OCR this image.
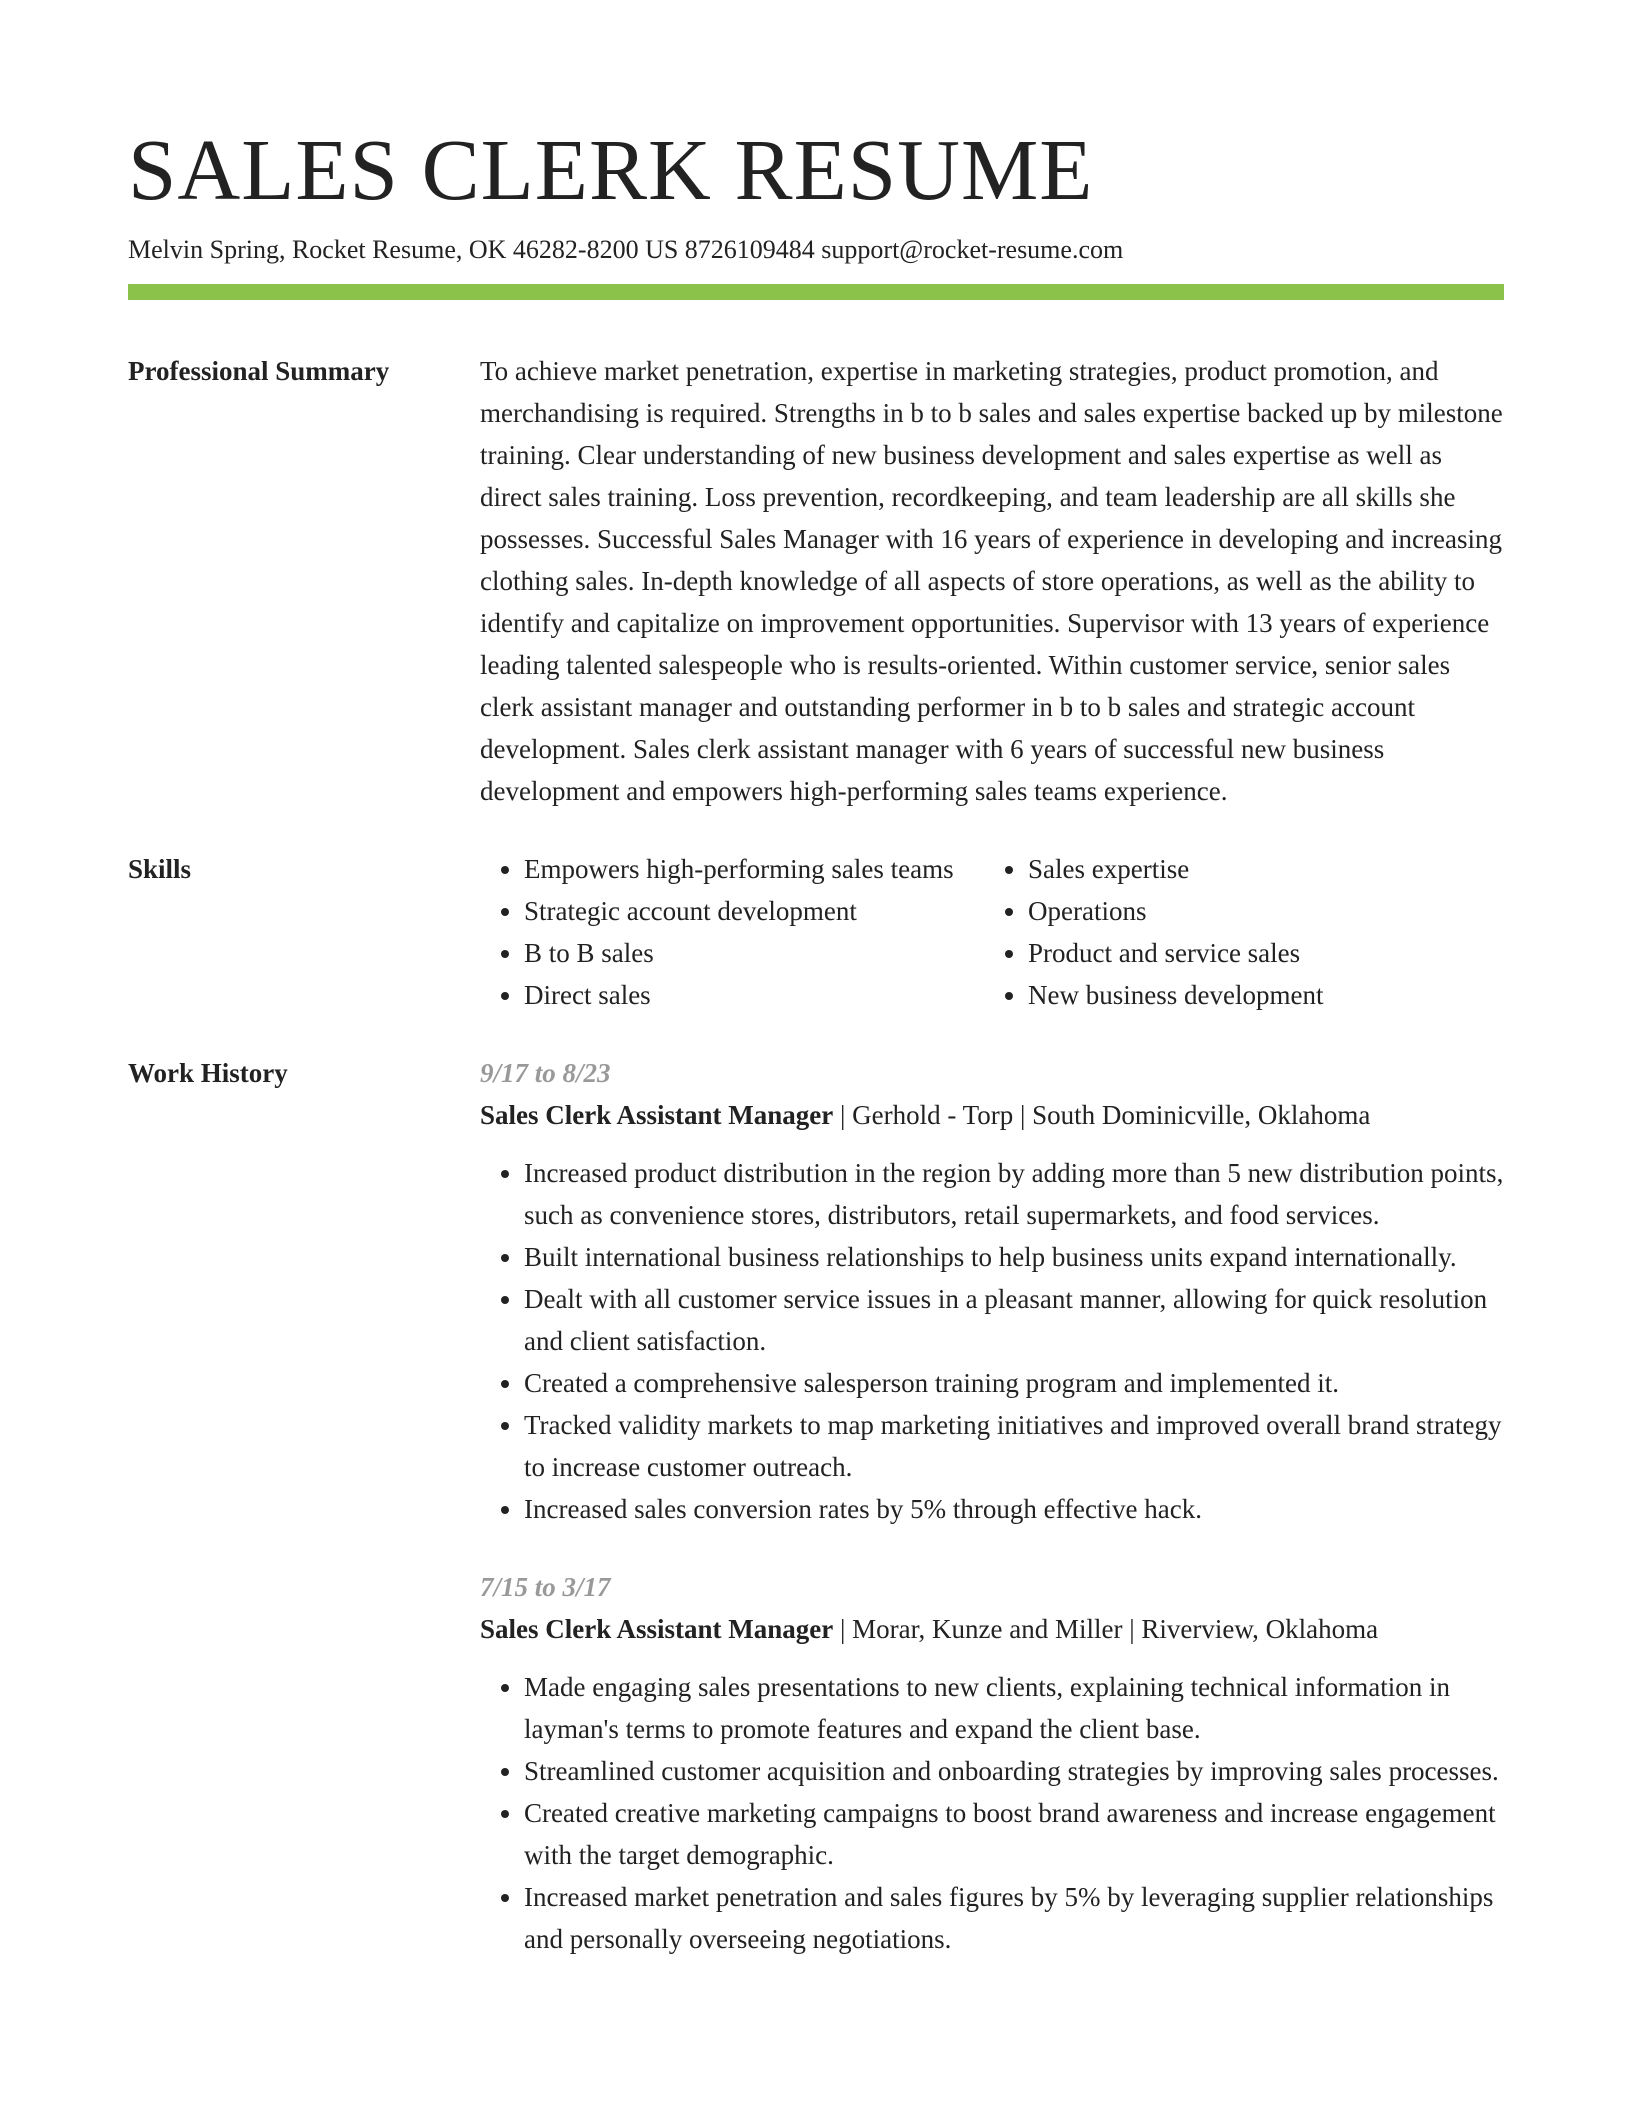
SALES CLERK RESUME
Melvin Spring, Rocket Resume, OK 46282-8200 US 8726109484 support@rocket-resume.com
Professional Summary	To achieve market penetration, expertise in marketing strategies, product promotion, and merchandising is required. Strengths in b to b sales and sales expertise backed up by milestone training. Clear understanding of new business development and sales expertise as well as direct sales training. Loss prevention, recordkeeping, and team leadership are all skills she possesses. Successful Sales Manager with 16 years of experience in developing and increasing clothing sales. In-depth knowledge of all aspects of store operations, as well as the ability to identify and capitalize on improvement opportunities. Supervisor with 13 years of experience leading talented salespeople who is results-oriented. Within customer service, senior sales clerk assistant manager and outstanding performer in b to b sales and strategic account development. Sales clerk assistant manager with 6 years of successful new business development and empowers high-performing sales teams experience.

Skills
•	Empowers high-performing sales teams
• Strategic account development
• B to B sales
• Direct sales
• Sales expertise
• Operations
• Product and service sales
• New business development
Work History	9/17 to 8/23
Sales Clerk Assistant Manager | Gerhold - Torp | South Dominicville, Oklahoma
• Increased product distribution in the region by adding more than 5 new distribution points, such as convenience stores, distributors, retail supermarkets, and food services.
• Built international business relationships to help business units expand internationally.
• Dealt with all customer service issues in a pleasant manner, allowing for quick resolution and client satisfaction.
• Created a comprehensive salesperson training program and implemented it.
• Tracked validity markets to map marketing initiatives and improved overall brand strategy to increase customer outreach.
• Increased sales conversion rates by 5% through effective hack.
7/15 to 3/17
Sales Clerk Assistant Manager | Morar, Kunze and Miller | Riverview, Oklahoma
• Made engaging sales presentations to new clients, explaining technical information in layman's terms to promote features and expand the client base.
• Streamlined customer acquisition and onboarding strategies by improving sales processes.
• Created creative marketing campaigns to boost brand awareness and increase engagement with the target demographic.
• Increased market penetration and sales figures by 5% by leveraging supplier relationships and personally overseeing negotiations.
